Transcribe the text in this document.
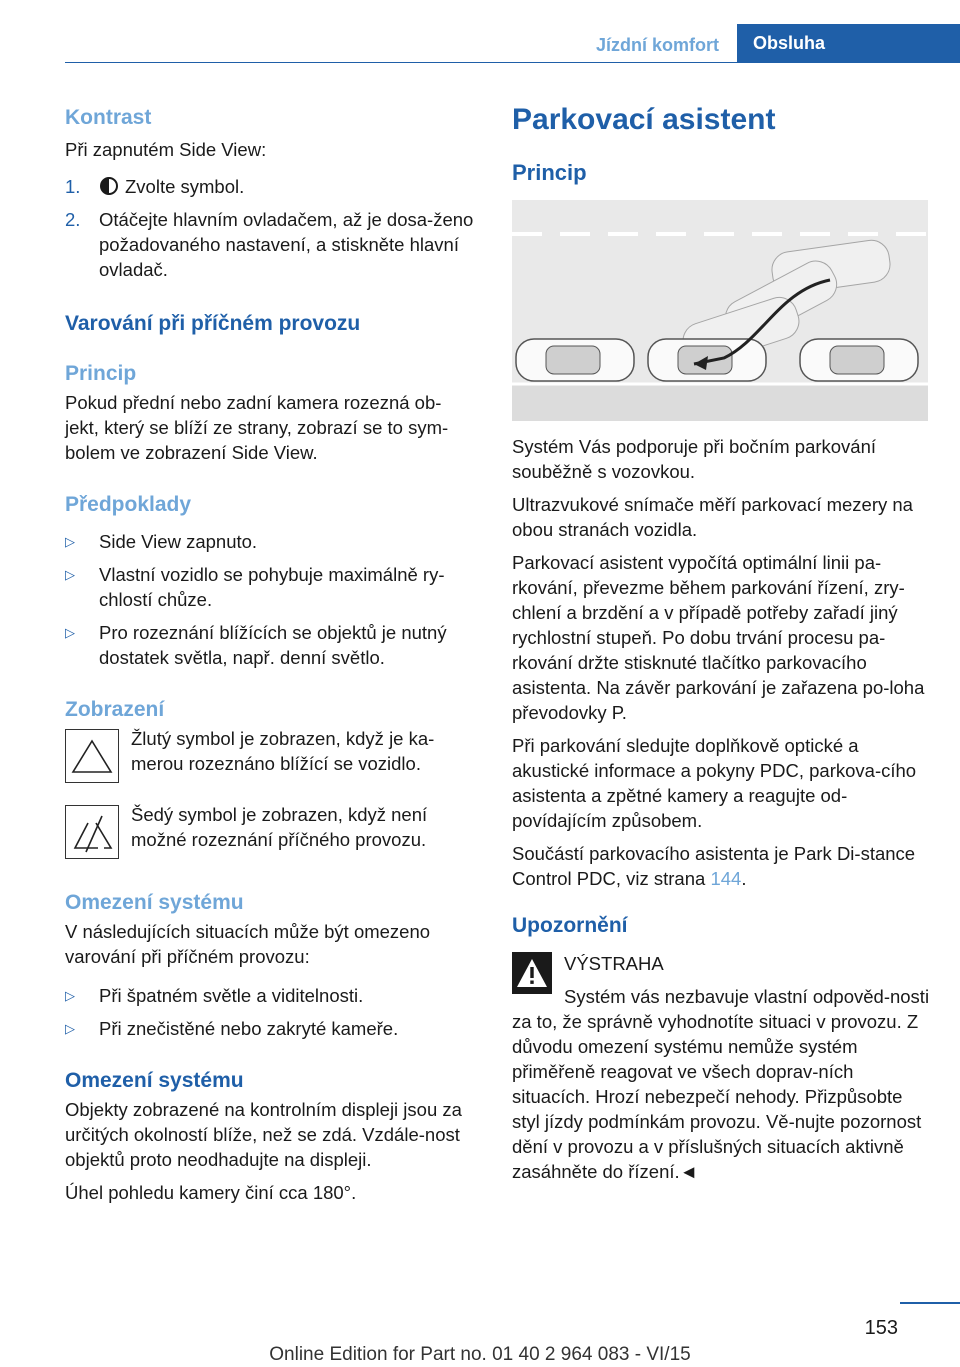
Jízdní komfort	Obsluha
Kontrast

Při zapnutém Side View:

1. Zvolte symbol.
2. Otáčejte hlavním ovladačem, až je dosa-ženo požadovaného nastavení, a stiskněte hlavní ovladač.
Varování při příčném provozu
Princip

Pokud přední nebo zadní kamera rozezná ob-jekt, který se blíží ze strany, zobrazí se to sym-bolem ve zobrazení Side View.

Předpoklady
▷ Side View zapnuto.
▷ Vlastní vozidlo se pohybuje maximálně ry-chlostí chůze.
▷ Pro rozeznání blížících se objektů je nutný dostatek světla, např. denní světlo.
Zobrazení

Žlutý symbol je zobrazen, když je ka-merou rozeznáno blížící se vozidlo.

Šedý symbol je zobrazen, když není možné rozeznání příčného provozu.

Omezení systému

V následujících situacích může být omezeno varování při příčném provozu:

▷ Při špatném světle a viditelnosti.
▷ Při znečistěné nebo zakryté kameře.
Omezení systému

Objekty zobrazené na kontrolním displeji jsou za určitých okolností blíže, než se zdá. Vzdále-nost objektů proto neodhadujte na displeji.

Úhel pohledu kamery činí cca 180°.

Parkovací asistent
Princip

Systém Vás podporuje při bočním parkování souběžně s vozovkou.

Ultrazvukové snímače měří parkovací mezery na obou stranách vozidla.

Parkovací asistent vypočítá optimální linii pa-rkování, převezme během parkování řízení, zry-chlení a brzdění a v případě potřeby zařadí jiný rychlostní stupeň. Po dobu trvání procesu pa-rkování držte stisknuté tlačítko parkovacího asistenta. Na závěr parkování je zařazena po-loha převodovky P.

Při parkování sledujte doplňkově optické a akustické informace a pokyny PDC, parkova-cího asistenta a zpětné kamery a reagujte od-povídajícím způsobem.

Součástí parkovacího asistenta je Park Di-stance Control PDC, viz strana 144.

Upozornění

VÝSTRAHA

Systém vás nezbavuje vlastní odpověd-nosti za to, že správně vyhodnotíte situaci v provozu. Z důvodu omezení systému nemůže systém přiměřeně reagovat ve všech doprav-ních situacích. Hrozí nebezpečí nehody. Přizpůsobte styl jízdy podmínkám provozu. Vě-nujte pozornost dění v provozu a v příslušných situacích aktivně zasáhněte do řízení.◄

153
Online Edition for Part no. 01 40 2 964 083 - VI/15
